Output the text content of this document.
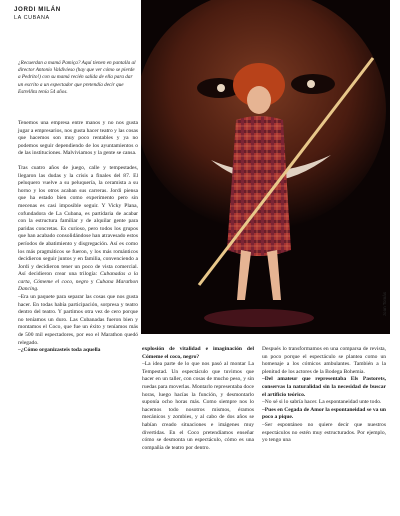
JORDI MILÁN
LA CUBANA

¿Recuerdan a mamá Pamiça? Aquí tienen en pantalla al director Antonio Valdivieso (hay que ver cómo se pierde a Pedrito!) con su mamá recién salida de ella para dar un escrito a un espectador que pretendía decir que Estrellita tenía 54 años.

Tenemos una empresa entre manos y no nos gusta jugar a empresarios, nos gusta hacer teatro y las cosas que hacemos son muy poco rentables y ya no podemos seguir dependiendo de los ayuntamientos o de las instituciones. Malviviamos y la gente se cansa.

Tras cuatro años de juego, calle y tempestades, llegaron las dudas y la crisis a finales del 87. El peluquero vuelve a su peluquería, la ceramista a su horno y los otros acaban sus carreras. Jordi piensa que ha estado bien como experimento pero sin mecenas es casi imposible seguir. Y Vicky Plana, cofundadora de La Cubana, es partidaria de acabar con la estructura familiar y de alquilar gente para paridas concretas. Es curioso, pero todos los grupos que han acabado consolidándose han atravesado estos períodos de abatimiento y disgregación. Así es como los más pragmáticos se fueron, y los más románticos decidieron seguir juntos y en familia, convenciendo a Jordi y decidieron tener un poco de vista comercial. Así decidieron crear una trilogía: Cubanadas a la carta, Cómeme el coco, negro y Cubana Marathon Dancing.

–Era un paquete para separar las cosas que nos gusta hacer. En todas había participación, sorpresa y teatro dentro del teatro. Y partimos otra vez de cero porque no teníamos un duro. Las Cubanadas fueron bien y montamos el Coco, que fue un éxito y teníamos más de 500 mil espectadores, por eso el Marathon quedó relegado.

–¿Cómo organizasteis toda aquella	explosión de vitalidad e imaginación del Cómeme el coco, negro?

–La idea parte de lo que nos pasó al montar La Tempestad. Un espectáculo que tuvimos que hacer en un taller, con cosas de mucho peso, y sin ruedas para moverlas. Montarlo representaba doce horas, luego hacías la función, y desmontarlo suponía ocho horas más. Como siempre nos lo hacemos todo nosotros mismos, éramos mecánicos y zombies, y al cabo de dos años se habían creado situaciones e imágenes muy divertidas. En el Coco pretendíamos enseñar cómo se desmonta un espectáculo, cómo es una compañía de teatro por dentro.

Después lo transformamos en una comparsa de revista, un poco porque el espectáculo se plantea como un homenaje a los cómicos ambulantes. También a la plenitud de los actores de la Bodega Bohemia.

–Del amateur que representaba Els Pastorets, conservas la naturalidad sin la necesidad de buscar el artificio teórico.

–No sé si lo sabría hacer. La espontaneidad unte todo.

–Pues en Cegada de Amor la espontaneidad se va un poco a pique.

–Ser espontáneo no quiere decir que nuestros espectáculos no estén muy estructurados. Por ejemplo, yo tengo una

Joan Tomàs
